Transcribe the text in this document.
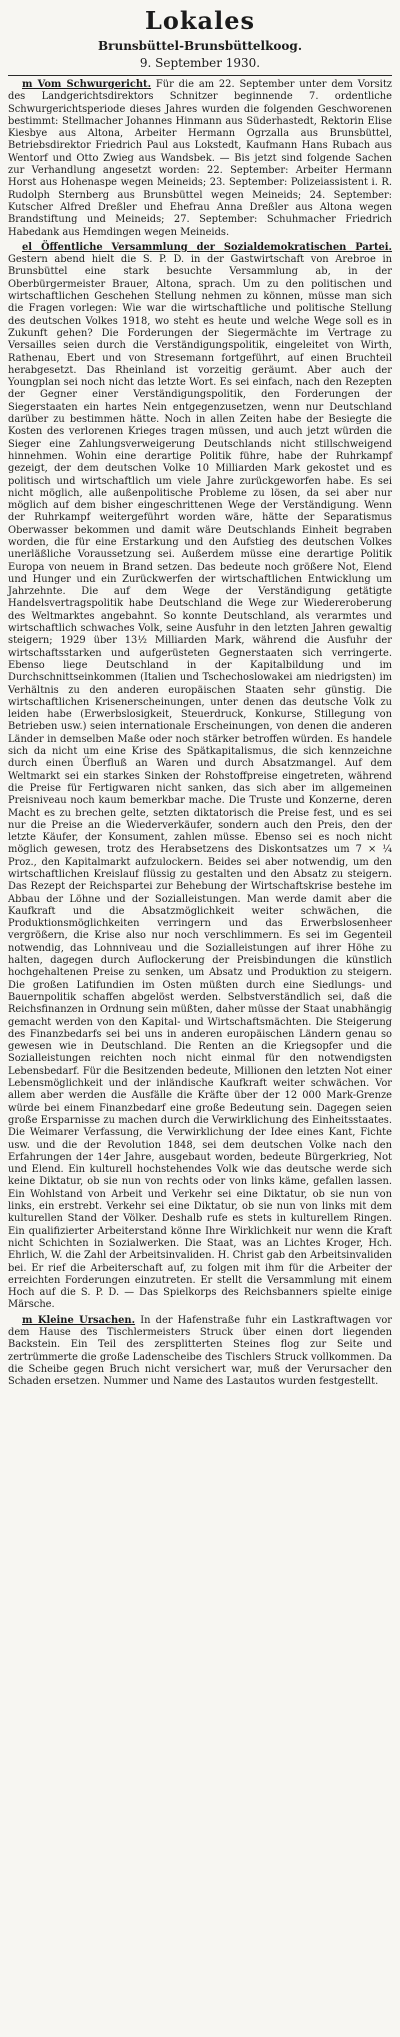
Lokales
Brunsbüttel-Brunsbüttelkoog.
9. September 1930.

m Vom Schwurgericht. Für die am 22. September unter dem Vorsitz des Landgerichtsdirektors Schnitzer beginnende 7. ordentliche Schwurgerichtsperiode dieses Jahres wurden die folgenden Geschworenen bestimmt: Stellmacher Johannes Hinmann aus Süderhastedt, Rektorin Elise Kiesbye aus Altona, Arbeiter Hermann Ogrzalla aus Brunsbüttel, Betriebsdirektor Friedrich Paul aus Lokstedt, Kaufmann Hans Rubach aus Wentorf und Otto Zwieg aus Wandsbek. — Bis jetzt sind folgende Sachen zur Verhandlung angesetzt worden: 22. September: Arbeiter Hermann Horst aus Hohenaspe wegen Meineids; 23. September: Polizeiassistent i. R. Rudolph Sternberg aus Brunsbüttel wegen Meineids; 24. September: Kutscher Alfred Dreßler und Ehefrau Anna Dreßler aus Altona wegen Brandstiftung und Meineids; 27. September: Schuhmacher Friedrich Habedank aus Hemdingen wegen Meineids.

el Öffentliche Versammlung der Sozialdemokratischen Partei. Gestern abend hielt die S. P. D. in der Gastwirtschaft von Arebroe in Brunsbüttel eine stark besuchte Versammlung ab, in der Oberbürgermeister Brauer, Altona, sprach. Um zu den politischen und wirtschaftlichen Geschehen Stellung nehmen zu können, müsse man sich die Fragen vorlegen: Wie war die wirtschaftliche und politische Stellung des deutschen Volkes 1918, wo steht es heute und welche Wege soll es in Zukunft gehen? Die Forderungen der Siegermächte im Vertrage zu Versailles seien durch die Verständigungspolitik, eingeleitet von Wirth, Rathenau, Ebert und von Stresemann fortgeführt, auf einen Bruchteil herabgesetzt. Das Rheinland ist vorzeitig geräumt. Aber auch der Youngplan sei noch nicht das letzte Wort. Es sei einfach, nach den Rezepten der Gegner einer Verständigungspolitik, den Forderungen der Siegerstaaten ein hartes Nein entgegenzusetzen, wenn nur Deutschland darüber zu bestimmen hätte. Noch in allen Zeiten habe der Besiegte die Kosten des verlorenen Krieges tragen müssen, und auch jetzt würden die Sieger eine Zahlungsverweigerung Deutschlands nicht stillschweigend hinnehmen. Wohin eine derartige Politik führe, habe der Ruhrkampf gezeigt, der dem deutschen Volke 10 Milliarden Mark gekostet und es politisch und wirtschaftlich um viele Jahre zurückgeworfen habe. Es sei nicht möglich, alle außenpolitische Probleme zu lösen, da sei aber nur möglich auf dem bisher eingeschrittenen Wege der Verständigung. Wenn der Ruhrkampf weitergeführt worden wäre, hätte der Separatismus Oberwasser bekommen und damit wäre Deutschlands Einheit begraben worden, die für eine Erstarkung und den Aufstieg des deutschen Volkes unerläßliche Voraussetzung sei. Außerdem müsse eine derartige Politik Europa von neuem in Brand setzen. Das bedeute noch größere Not, Elend und Hunger und ein Zurückwerfen der wirtschaftlichen Entwicklung um Jahrzehnte. Die auf dem Wege der Verständigung getätigte Handelsvertragspolitik habe Deutschland die Wege zur Wiedereroberung des Weltmarktes angebahnt. So konnte Deutschland, als verarmtes und wirtschaftlich schwaches Volk, seine Ausfuhr in den letzten Jahren gewaltig steigern; 1929 über 13½ Milliarden Mark, während die Ausfuhr der wirtschaftsstarken und aufgerüsteten Gegnerstaaten sich verringerte. Ebenso liege Deutschland in der Kapitalbildung und im Durchschnittseinkommen (Italien und Tschechoslowakei am niedrigsten) im Verhältnis zu den anderen europäischen Staaten sehr günstig. Die wirtschaftlichen Krisenerscheinungen, unter denen das deutsche Volk zu leiden habe (Erwerbslosigkeit, Steuerdruck, Konkurse, Stillegung von Betrieben usw.) seien internationale Erscheinungen, von denen die anderen Länder in demselben Maße oder noch stärker betroffen würden. Es handele sich da nicht um eine Krise des Spätkapitalismus, die sich kennzeichne durch einen Überfluß an Waren und durch Absatzmangel. Auf dem Weltmarkt sei ein starkes Sinken der Rohstoffpreise eingetreten, während die Preise für Fertigwaren nicht sanken, das sich aber im allgemeinen Preisniveau noch kaum bemerkbar mache. Die Truste und Konzerne, deren Macht es zu brechen gelte, setzten diktatorisch die Preise fest, und es sei nur die Preise an die Wiederverkäufer, sondern auch den Preis, den der letzte Käufer, der Konsument, zahlen müsse. Ebenso sei es noch nicht möglich gewesen, trotz des Herabsetzens des Diskontsatzes um 7 × ¼ Proz., den Kapitalmarkt aufzulockern. Beides sei aber notwendig, um den wirtschaftlichen Kreislauf flüssig zu gestalten und den Absatz zu steigern. Das Rezept der Reichspartei zur Behebung der Wirtschaftskrise bestehe im Abbau der Löhne und der Sozialleistungen. Man werde damit aber die Kaufkraft und die Absatzmöglichkeit weiter schwächen, die Produktionsmöglichkeiten verringern und das Erwerbslosenheer vergrößern, die Krise also nur noch verschlimmern. Es sei im Gegenteil notwendig, das Lohnniveau und die Sozialleistungen auf ihrer Höhe zu halten, dagegen durch Auflockerung der Preisbindungen die künstlich hochgehaltenen Preise zu senken, um Absatz und Produktion zu steigern. Die großen Latifundien im Osten müßten durch eine Siedlungs- und Bauernpolitik schaffen abgelöst werden. Selbstverständlich sei, daß die Reichsfinanzen in Ordnung sein müßten, daher müsse der Staat unabhängig gemacht werden von den Kapital- und Wirtschaftsmächten. Die Steigerung des Finanzbedarfs sei bei uns in anderen europäischen Ländern genau so gewesen wie in Deutschland. Die Renten an die Kriegsopfer und die Sozialleistungen reichten noch nicht einmal für den notwendigsten Lebensbedarf. Für die Besitzenden bedeute, Millionen den letzten Not einer Lebensmöglichkeit und der inländische Kaufkraft weiter schwächen. Vor allem aber werden die Ausfälle die Kräfte über der 12 000 Mark-Grenze würde bei einem Finanzbedarf eine große Bedeutung sein. Dagegen seien große Ersparnisse zu machen durch die Verwirklichung des Einheitsstaates. Die Weimarer Verfassung, die Verwirklichung der Idee eines Kant, Fichte usw. und die der Revolution 1848, sei dem deutschen Volke nach den Erfahrungen der 14er Jahre, ausgebaut worden, bedeute Bürgerkrieg, Not und Elend. Ein kulturell hochstehendes Volk wie das deutsche werde sich keine Diktatur, ob sie nun von rechts oder von links käme, gefallen lassen. Ein Wohlstand von Arbeit und Verkehr sei eine Diktatur, ob sie nun von links, ein erstrebt. Verkehr sei eine Diktatur, ob sie nun von links mit dem kulturellen Stand der Völker. Deshalb rufe es stets in kulturellem Ringen. Ein qualifizierter Arbeiterstand könne Ihre Wirklichkeit nur wenn die Kraft nicht Schichten in Sozialwerken. Die Staat, was an Lichtes Kroger, Hch. Ehrlich, W. die Zahl der Arbeitsinvaliden. H. Christ gab den Arbeitsinvaliden bei. Er rief die Arbeiterschaft auf, zu folgen mit ihm für die Arbeiter der erreichten Forderungen einzutreten. Er stellt die Versammlung mit einem Hoch auf die S. P. D. — Das Spielkorps des Reichsbanners spielte einige Märsche.

m Kleine Ursachen. In der Hafenstraße fuhr ein Lastkraftwagen vor dem Hause des Tischlermeisters Struck über einen dort liegenden Backstein. Ein Teil des zersplitterten Steines flog zur Seite und zertrümmerte die große Ladenscheibe des Tischlers Struck vollkommen. Da die Scheibe gegen Bruch nicht versichert war, muß der Verursacher den Schaden ersetzen. Nummer und Name des Lastautos wurden festgestellt.
